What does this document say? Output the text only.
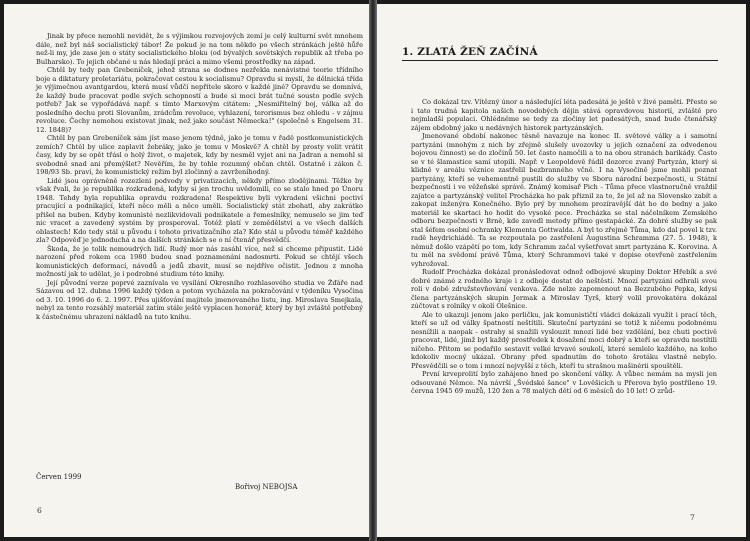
Jinak by přece nemohli nevidět, že s výjimkou rozvojových zemí je celý kulturní svět mnohem dále, než byl náš socialistický tábor! Že pokud je na tom někdo po všech stránkách ještě hůře než-li my, jde zase jen o státy socialistického bloku (od bývalých sovětských republik až třeba po Bulharsko). To jejich občané u nás hledají práci a mimo všemi prostředky na západ.

Chtěl by tedy pan Grebeníček, jehož strana se dodnes nezřekla nenávistné teorie třídního boje a diktatury proletariátu, pokračovat cestou k socialismu? Opravdu si myslí, že dělnická třída je výjimečnou avantgardou, která musí vůdčí nepřítele skoro v každé jiné? Opravdu se domnívá, že každý bude pracovat podle svých schopností a bude si moci brát tučné sousto podle svých potřeb? Jak se vypořádává např. s tímto Marxovým citátem: „Nesmiřitelný boj, válka až do posledního dechu proti Slovanům, zrádcům revoluce, vyhlazení, terorismus bez ohledu - v zájmu revoluce. Čechy nemohou existovat jinak, než jako součást Německa!" (společně s Engelsem 31. 12. 1848)?

Chtěl by pan Grebeníček sám jíst maso jenom týdně, jako je tomu v řadě postkomunistických zemích? Chtěl by ulice zaplavit žebráky, jako je tomu v Moskvě? A chtěl by prosty volit vrátit časy, kdy by se opět třásl o holý život, o majetek, kdy by nesměl vyjet ani na Jadran a nemohl si svobodně snad ani přemýšlet? Nevěřím, že by tohle rozumný občan chtěl. Ostatně i zákon č. 198/93 Sb. praví, že komunistický režim byl zločinný a zavrženíhodný.

Lidé jsou oprávněně rozezleni podvody v privatizacích, někdy přímo zlodějinami. Těžko by však řvali, že je republika rozkradená, kdyby si jen trochu uvědomili, co se stalo hned po Únoru 1948. Tehdy byla republika opravdu rozkradena! Respektive byli vykradeni všichni poctiví pracující a podnikající, kteří něco měli a něco uměli. Socialistický stát zbohatl, aby zakrátko přišel na buben. Kdyby komunisté nezlikvidovali podnikatele a řemeslníky, nemuselo se jim teď nic vracet a zavedený systém by prosperoval. Totéž platí v zemědělství a ve všech dalších oblastech! Kdo tedy stál u původu i tohoto privatizačního zla? Kdo stál u původu téměř každého zla? Odpověď je jednoduchá a na dalších stránkách se o ní čtenář přesvědčí.

Škoda, že je tolik nemoudrých lidí. Rudý mor nás zasáhl více, než si chceme připustit. Lidé narození před rokem cca 1980 budou snad poznamenáni nadosmrti. Pokud se chtějí všech komunistických deformací, návodů a jedů zbavit, musí se nejdříve očistit. Jednou z mnoha možností jak to udělat, je i podrobné studium této knihy.

Její původní verze poprvé zaznívala ve vysílání Okresního rozhlasového studia ve Žďáře nad Sázavou od 12. dubna 1996 každý týden a potom vycházela na pokračování v týdeníku Vysočina od 3. 10. 1996 do 6. 2. 1997. Přes ujišťování majitele jmenovaného listu, ing. Miroslava Smejkala, nebyl za tento rozsáhlý materiál zatím stále ještě vyplacen honorář, který by byl zvláště potřebný k částečnému uhrazení nákladů na tuto knihu.

Červen 1999
Bořivoj NEBOJSA
6
1. ZLATÁ ŽEŇ ZAČÍNÁ

Co dokázal tzv. Vítězný únor a následující léta padesátá je ještě v živé paměti. Přesto se i tato trudná kapitola našich novodobých dějin stává opravdovou historií, zvláště pro nejmladší populaci. Ohlédněme se tedy za zločiny let padesátých, snad bude čtenářský zájem obdobný jako u nedávných historek partyzánských.

Jmenované období nakonec těsně navazuje na konec II. světové války a i samotní partyzáni (mnohým z nich by zřejmě slušely uvozovky u jejich označení za odvedenou bojovou činnost) se do zločinů 50. let často namočili a to na obou stranách barikády. Často se v té šlamastice samí utopili. Např. v Leopoldově řádil dozorce zvaný Partyzán, který si klidně v areálu věznice zastřelil bezbranného včně. I na Vysočině jsme mohli poznat partyzány, kteří se vehementně pustili do služby ve Sboru národní bezpečnosti, u Státní bezpečnosti i ve věžeňské správě. Známý komisař Pich - Tůma přece vlastnoručně vraždil zajatce a partyzánský velitel Procházka ho pak přiznil za to, že jel až na Slovensko zabít a zakopat inženýra Konečného. Bylo prý by mnohem prozíravější dát ho do bedny a jako materiál ke skartaci ho hodit do vysoké pece. Procházka se stal náčelníkem Zemského odboru bezpečnosti v Brně, kde zavedl metody přímo gestapácké. Za dobré služby se pak stal šéfem osobní ochranky Klementa Gottwalda. A byl to zřejmě Tůma, kdo dal povel k tzv. radě heydrichiádě. Ta se rozpoutala po zastřelení Augustina Schramma (27. 5. 1948), k němuž došlo vzápětí po tom, kdy Schramm začal vyšetřovat smrt partyzána K. Korovina. A tu měl na svědomí právě Tůma, který Schrammovi také v dopise otevřeně zastřelením vyhrožoval.

Rudolf Procházka dokázal pronásledovat odnož odbojové skupiny Doktor Hřebík a své dobré známé z rodného kraje i z odboje dostat do neštěstí. Mnozí partyzáni odhrali svou roli v době združstevňování venkova. Zde nelze zapomenout na Bezzubého Pepka, kdysi člena partyzánských skupin Jermak a Miroslav Tyrš, který volil provokatéra dokázal zúčtovat s rolníky v okolí Olešnice.

Ale to ukazuji jenom jako perličku, jak komunističtí vládci dokázali využít i prací těch, kteří se už od války špatností neštítili. Skuteční partyzáni se totiž k ničemu podobnému nesnížili a naopak - ostrahy si snažili vyslouzit mnozí lidé bez vzdělání, bez chuti poctivě pracovat, lidé, jimž byl každý prostředek k dosažení moci dobrý a kteří se opravdu nestítili ničeho. Přitom se podařilo sestavit velké krvavé soukolí, které semlelo každého, na koho kdokoliv mocný ukázal. Obrany před spadnutím do tohoto šrotáku vlastně nebylo. Přesvědčili se o tom i mnozí nejvyšší z těch, kteří tu strašnou mašinérii spouštěli.

První krveprolití bylo zahájeno hned po skončení války. A vůbec nemám na mysli jen odsouvané Němce. Na návrší „Švédské šance" v Lověšicích u Přerova bylo postříleno 19. června 1945 69 mužů, 120 žen a 78 malých dětí od 6 měsíců do 10 let! O zrůd-

7
